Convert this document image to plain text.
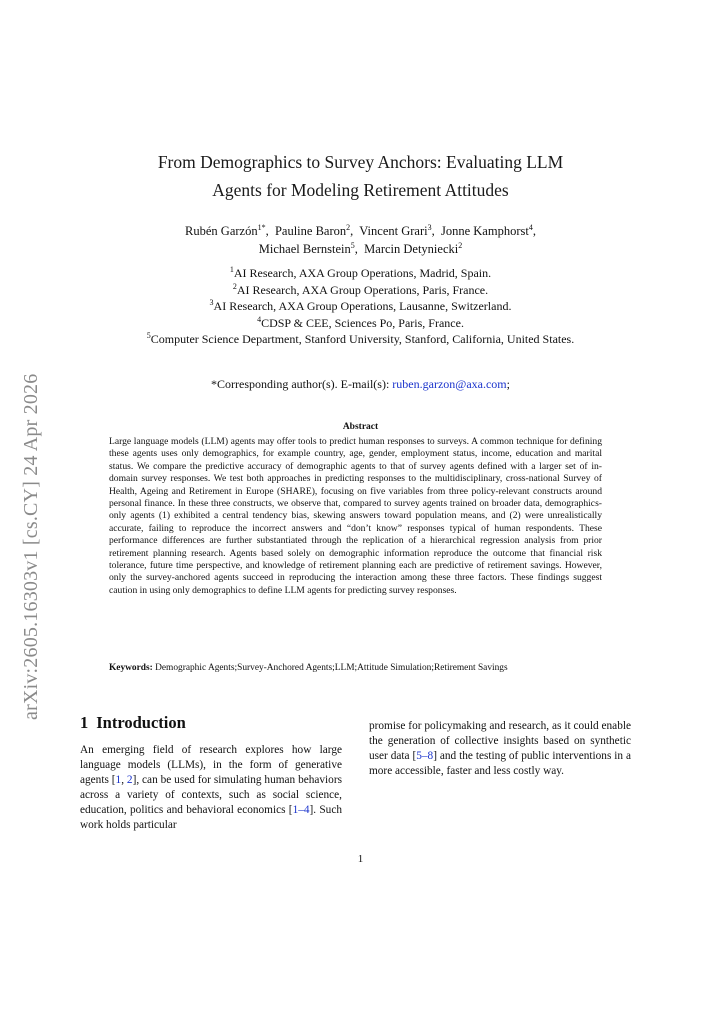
arXiv:2605.16303v1 [cs.CY] 24 Apr 2026
From Demographics to Survey Anchors: Evaluating LLM
Agents for Modeling Retirement Attitudes
Rubén Garzón$^{1*}$,  Pauline Baron$^2$,  Vincent Grari$^3$,  Jonne Kamphorst$^4$,
Michael Bernstein$^5$,  Marcin Detyniecki$^2$
$^1$AI Research, AXA Group Operations, Madrid, Spain.
$^2$AI Research, AXA Group Operations, Paris, France.
$^3$AI Research, AXA Group Operations, Lausanne, Switzerland.
$^4$CDSP & CEE, Sciences Po, Paris, France.
$^5$Computer Science Department, Stanford University, Stanford, California, United States.
*Corresponding author(s). E-mail(s): ruben.garzon@axa.com;
Abstract
Large language models (LLM) agents may offer tools to predict human responses to surveys. A common technique for defining these agents uses only demographics, for example country, age, gender, employment status, income, education and marital status. We compare the predictive accuracy of demographic agents to that of survey agents defined with a larger set of in-domain survey responses. We test both approaches in predicting responses to the multidisciplinary, cross-national Survey of Health, Ageing and Retirement in Europe (SHARE), focusing on five variables from three policy-relevant constructs around personal finance. In these three constructs, we observe that, compared to survey agents trained on broader data, demographics-only agents (1) exhibited a central tendency bias, skewing answers toward population means, and (2) were unrealistically accurate, failing to reproduce the incorrect answers and “don’t know” responses typical of human respondents. These performance differences are further substantiated through the replication of a hierarchical regression analysis from prior retirement planning research. Agents based solely on demographic information reproduce the outcome that financial risk tolerance, future time perspective, and knowledge of retirement planning each are predictive of retirement savings. However, only the survey-anchored agents succeed in reproducing the interaction among these three factors. These findings suggest caution in using only demographics to define LLM agents for predicting survey responses.
Keywords: Demographic Agents;Survey-Anchored Agents;LLM;Attitude Simulation;Retirement Savings
1 Introduction
An emerging field of research explores how large language models (LLMs), in the form of generative agents [1, 2], can be used for simulating human behaviors across a variety of contexts, such as social science, education, politics and behavioral economics [1–4]. Such work holds particular
promise for policymaking and research, as it could enable the generation of collective insights based on synthetic user data [5–8] and the testing of public interventions in a more accessible, faster and less costly way.
1
